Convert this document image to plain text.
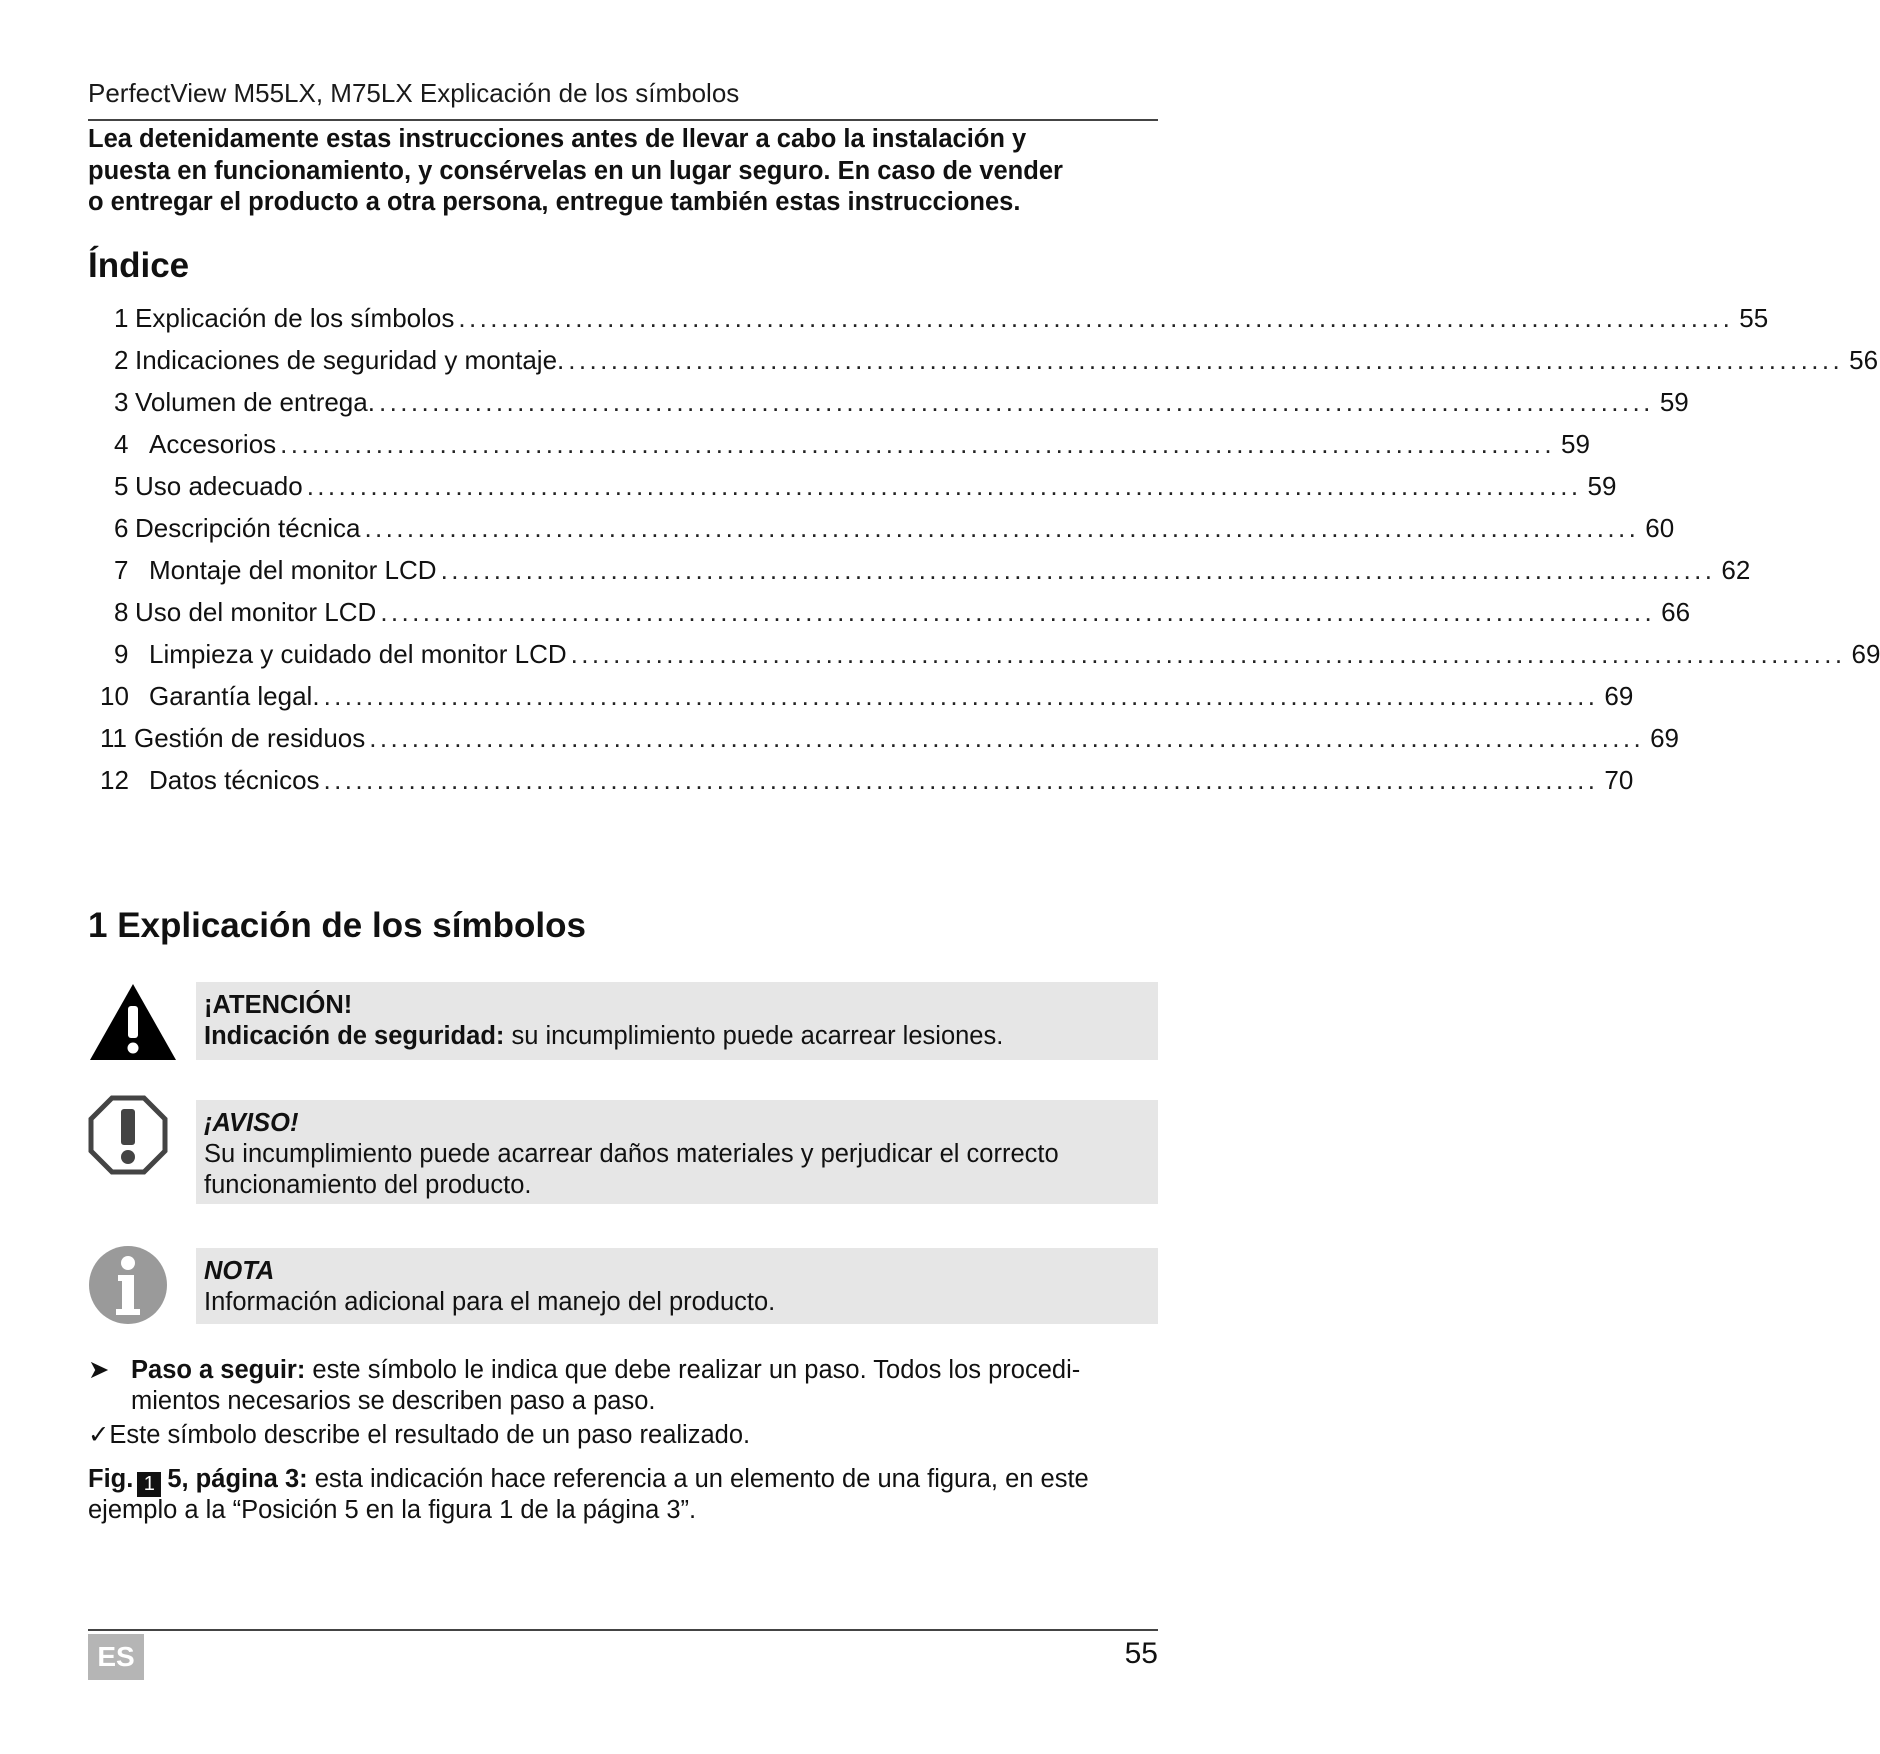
PerfectView M55LX, M75LX Explicación de los símbolos
Lea detenidamente estas instrucciones antes de llevar a cabo la instalación y
puesta en funcionamiento, y consérvelas en un lugar seguro. En caso de vender
o entregar el producto a otra persona, entregue también estas instrucciones.
Índice
1 Explicación de los símbolos ........................................................................................................................ 55
2 Indicaciones de seguridad y montaje. ........................................................................................................................ 56
3 Volumen de entrega. ........................................................................................................................ 59
4 Accesorios ........................................................................................................................ 59
5 Uso adecuado ........................................................................................................................ 59
6 Descripción técnica ........................................................................................................................ 60
7 Montaje del monitor LCD ........................................................................................................................ 62
8 Uso del monitor LCD ........................................................................................................................ 66
9 Limpieza y cuidado del monitor LCD ........................................................................................................................ 69
10 Garantía legal. ........................................................................................................................ 69
11 Gestión de residuos ........................................................................................................................ 69
12 Datos técnicos ........................................................................................................................ 70
1 Explicación de los símbolos
¡ATENCIÓN!
Indicación de seguridad: su incumplimiento puede acarrear lesiones.
¡AVISO!
Su incumplimiento puede acarrear daños materiales y perjudicar el correcto
funcionamiento del producto.
NOTA
Información adicional para el manejo del producto.
➤ Paso a seguir: este símbolo le indica que debe realizar un paso. Todos los procedi-
mientos necesarios se describen paso a paso.
✓Este símbolo describe el resultado de un paso realizado.
Fig. 1 5, página 3: esta indicación hace referencia a un elemento de una figura, en este
ejemplo a la “Posición 5 en la figura 1 de la página 3”.
ES	55
